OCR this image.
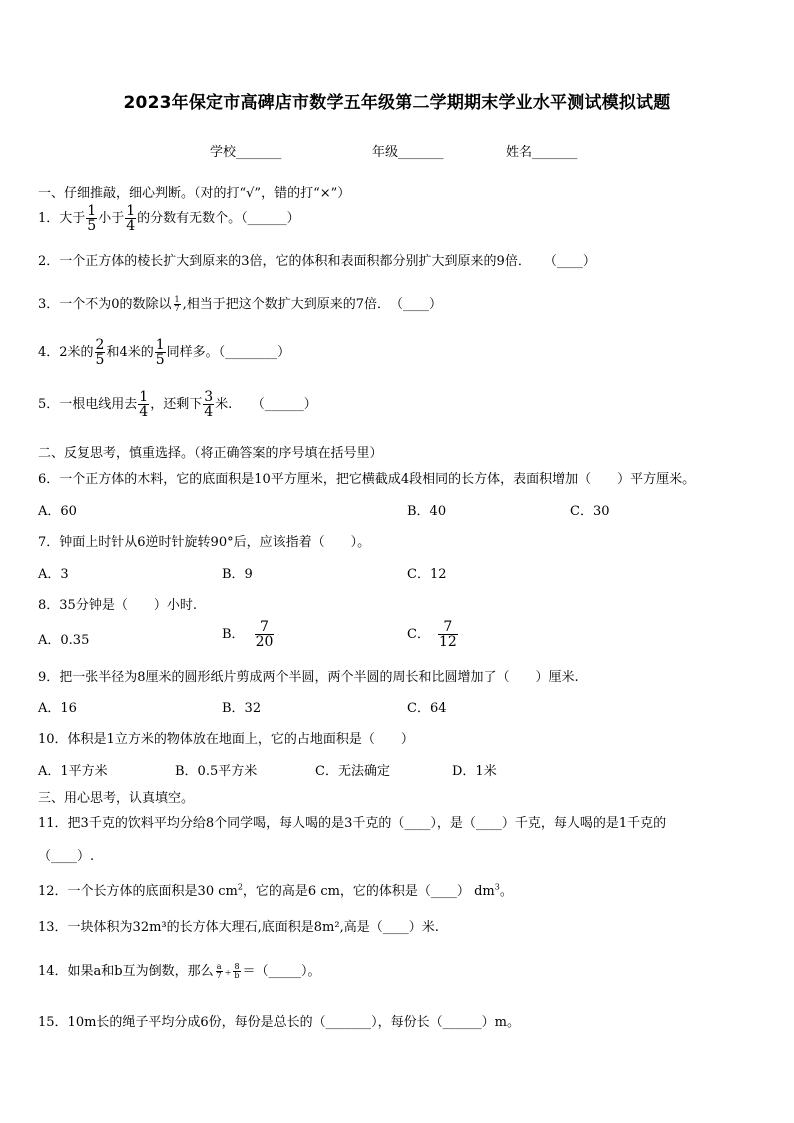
2023年保定市高碑店市数学五年级第二学期期末学业水平测试模拟试题
学校_______	年级_______	姓名_______
一、仔细推敲，细心判断。（对的打“√”，错的打“×”）
1．大于 $\frac{1}{5}$ 小于 $\frac{1}{4}$ 的分数有无数个。（______）
2．一个正方体的棱长扩大到原来的3倍，它的体积和表面积都分别扩大到原来的9倍．　　（____）
3．一个不为0的数除以 $\frac{1}{7}$ ,相当于把这个数扩大到原来的7倍．　（____）
4．2米的 $\frac{2}{5}$ 和4米的 $\frac{1}{5}$ 同样多。（________）
5．一根电线用去 $\frac{1}{4}$ ，还剩下 $\frac{3}{4}$ 米.　　（______）
二、反复思考，慎重选择。（将正确答案的序号填在括号里）
6．一个正方体的木料，它的底面积是10平方厘米，把它横截成4段相同的长方体，表面积增加（　　）平方厘米。
A．60	B．40	C．30
7．钟面上时针从6逆时针旋转90°后，应该指着（　　）。
A．3	B．9	C．12
8．35分钟是（　　）小时.
A．0.35	B． $\frac{7}{20}$	C． $\frac{7}{12}$
9．把一张半径为8厘米的圆形纸片剪成两个半圆，两个半圆的周长和比圆增加了（　　）厘米.
A．16	B．32	C．64
10．体积是1立方米的物体放在地面上，它的占地面积是（　　）
A．1平方米	B．0.5平方米	C．无法确定	D．1米
三、用心思考，认真填空。
11．把3千克的饮料平均分给8个同学喝，每人喝的是3千克的（____），是（____）千克，每人喝的是1千克的
（____）.
12．一个长方体的底面积是30 $cm^2$，它的高是6 cm，它的体积是（____） $dm^3$。
13．一块体积为32m³的长方体大理石,底面积是8m²,高是（____）米.
14．如果a和b互为倒数，那么 $\frac{a}{7} \div \frac{8}{b}$ ＝（_____）。
15．10m长的绳子平均分成6份，每份是总长的（_______），每份长（______）m。
